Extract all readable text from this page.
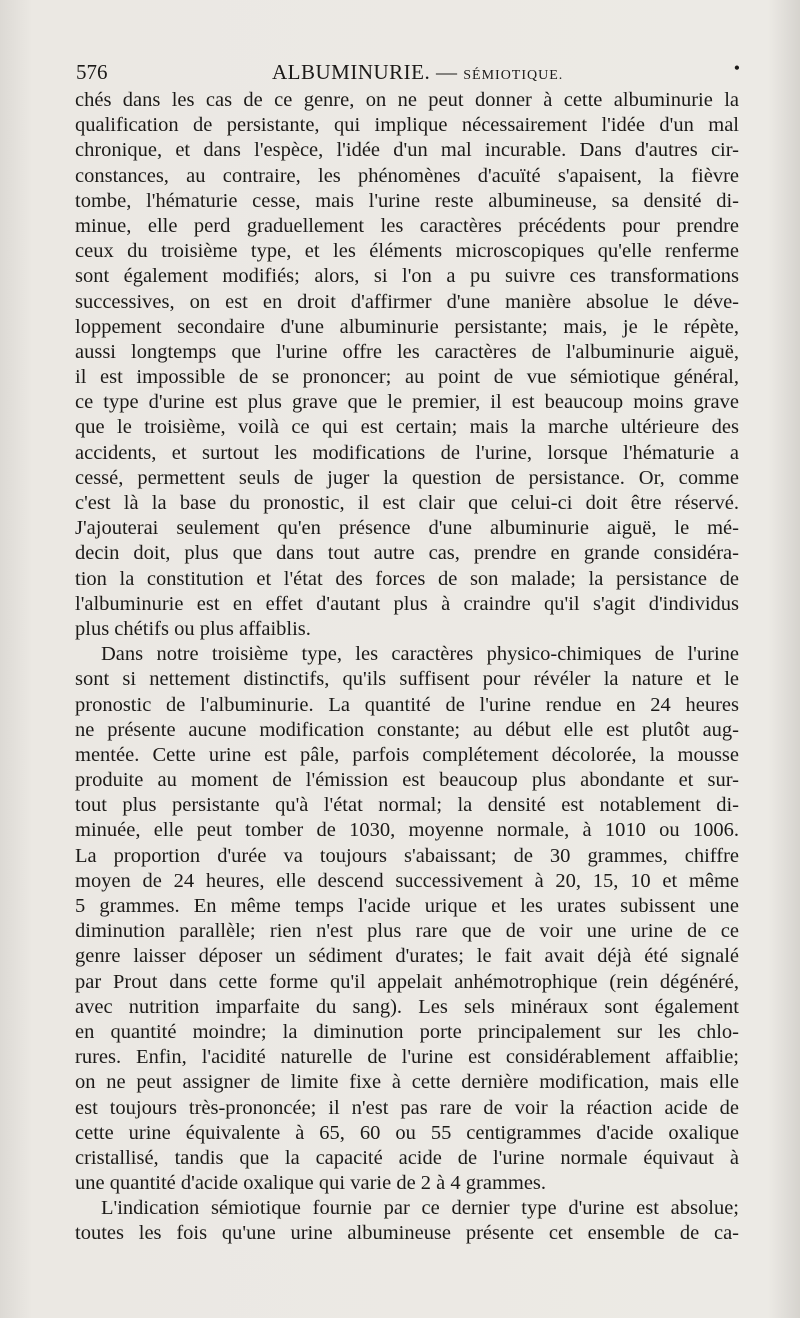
576	ALBUMINURIE. — SÉMIOTIQUE.	•
chés dans les cas de ce genre, on ne peut donner à cette albuminurie la
qualification de persistante, qui implique nécessairement l'idée d'un mal
chronique, et dans l'espèce, l'idée d'un mal incurable. Dans d'autres cir-
constances, au contraire, les phénomènes d'acuïté s'apaisent, la fièvre
tombe, l'hématurie cesse, mais l'urine reste albumineuse, sa densité di-
minue, elle perd graduellement les caractères précédents pour prendre
ceux du troisième type, et les éléments microscopiques qu'elle renferme
sont également modifiés; alors, si l'on a pu suivre ces transformations
successives, on est en droit d'affirmer d'une manière absolue le déve-
loppement secondaire d'une albuminurie persistante; mais, je le répète,
aussi longtemps que l'urine offre les caractères de l'albuminurie aiguë,
il est impossible de se prononcer; au point de vue sémiotique général,
ce type d'urine est plus grave que le premier, il est beaucoup moins grave
que le troisième, voilà ce qui est certain; mais la marche ultérieure des
accidents, et surtout les modifications de l'urine, lorsque l'hématurie a
cessé, permettent seuls de juger la question de persistance. Or, comme
c'est là la base du pronostic, il est clair que celui-ci doit être réservé.
J'ajouterai seulement qu'en présence d'une albuminurie aiguë, le mé-
decin doit, plus que dans tout autre cas, prendre en grande considéra-
tion la constitution et l'état des forces de son malade; la persistance de
l'albuminurie est en effet d'autant plus à craindre qu'il s'agit d'individus
plus chétifs ou plus affaiblis.
Dans notre troisième type, les caractères physico-chimiques de l'urine
sont si nettement distinctifs, qu'ils suffisent pour révéler la nature et le
pronostic de l'albuminurie. La quantité de l'urine rendue en 24 heures
ne présente aucune modification constante; au début elle est plutôt aug-
mentée. Cette urine est pâle, parfois complétement décolorée, la mousse
produite au moment de l'émission est beaucoup plus abondante et sur-
tout plus persistante qu'à l'état normal; la densité est notablement di-
minuée, elle peut tomber de 1030, moyenne normale, à 1010 ou 1006.
La proportion d'urée va toujours s'abaissant; de 30 grammes, chiffre
moyen de 24 heures, elle descend successivement à 20, 15, 10 et même
5 grammes. En même temps l'acide urique et les urates subissent une
diminution parallèle; rien n'est plus rare que de voir une urine de ce
genre laisser déposer un sédiment d'urates; le fait avait déjà été signalé
par Prout dans cette forme qu'il appelait anhémotrophique (rein dégénéré,
avec nutrition imparfaite du sang). Les sels minéraux sont également
en quantité moindre; la diminution porte principalement sur les chlo-
rures. Enfin, l'acidité naturelle de l'urine est considérablement affaiblie;
on ne peut assigner de limite fixe à cette dernière modification, mais elle
est toujours très-prononcée; il n'est pas rare de voir la réaction acide de
cette urine équivalente à 65, 60 ou 55 centigrammes d'acide oxalique
cristallisé, tandis que la capacité acide de l'urine normale équivaut à
une quantité d'acide oxalique qui varie de 2 à 4 grammes.
L'indication sémiotique fournie par ce dernier type d'urine est absolue;
toutes les fois qu'une urine albumineuse présente cet ensemble de ca-
